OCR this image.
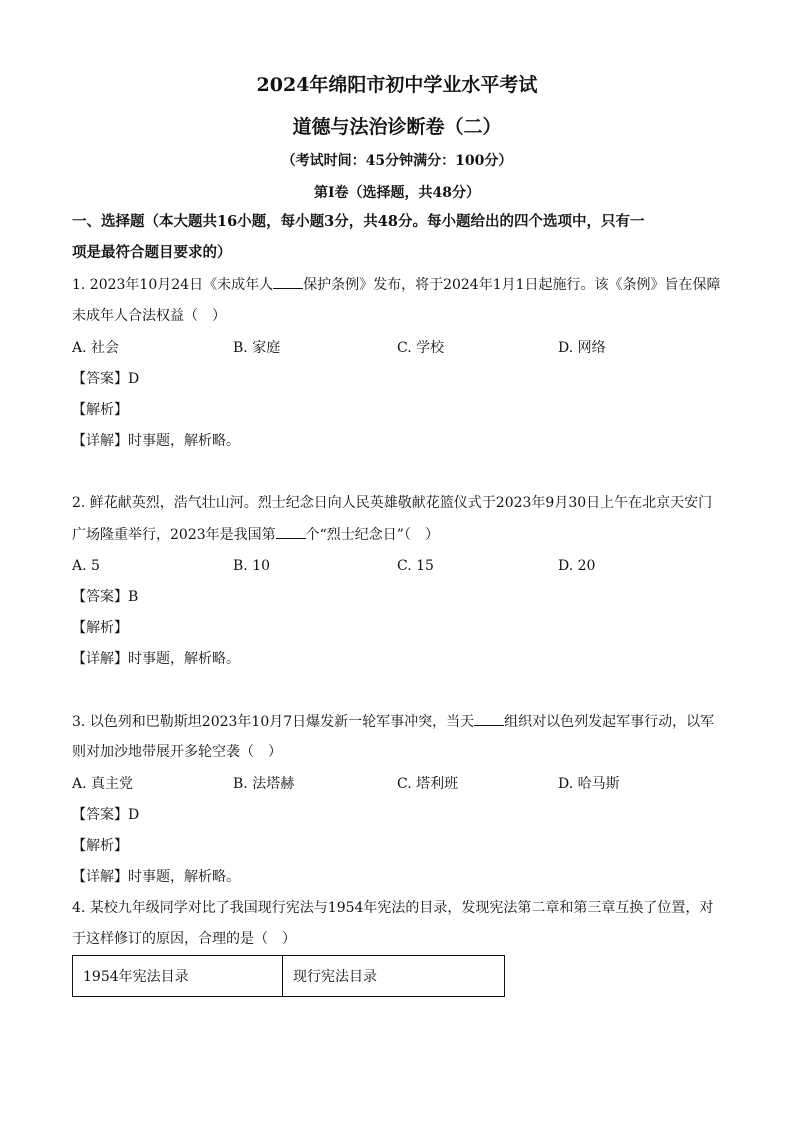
2024年绵阳市初中学业水平考试
道德与法治诊断卷（二）
（考试时间：45分钟满分：100分）
第Ⅰ卷（选择题，共48分）
一、选择题（本大题共16小题，每小题3分，共48分。每小题给出的四个选项中，只有一
项是最符合题目要求的）
1. 2023年10月24日《未成年人 保护条例》发布，将于2024年1月1日起施行。该《条例》旨在保障
未成年人合法权益（　）
A. 社会	B. 家庭	C. 学校	D. 网络
【答案】D
【解析】
【详解】时事题，解析略。
2. 鲜花献英烈，浩气壮山河。烈士纪念日向人民英雄敬献花篮仪式于2023年9月30日上午在北京天安门
广场隆重举行，2023年是我国第 个“烈士纪念日”（　）
A. 5	B. 10	C. 15	D. 20
【答案】B
【解析】
【详解】时事题，解析略。
3. 以色列和巴勒斯坦2023年10月7日爆发新一轮军事冲突，当天 组织对以色列发起军事行动，以军
则对加沙地带展开多轮空袭（　）
A. 真主党	B. 法塔赫	C. 塔利班	D. 哈马斯
【答案】D
【解析】
【详解】时事题，解析略。
4. 某校九年级同学对比了我国现行宪法与1954年宪法的目录，发现宪法第二章和第三章互换了位置，对
于这样修订的原因，合理的是（　）
1954年宪法目录	现行宪法目录
